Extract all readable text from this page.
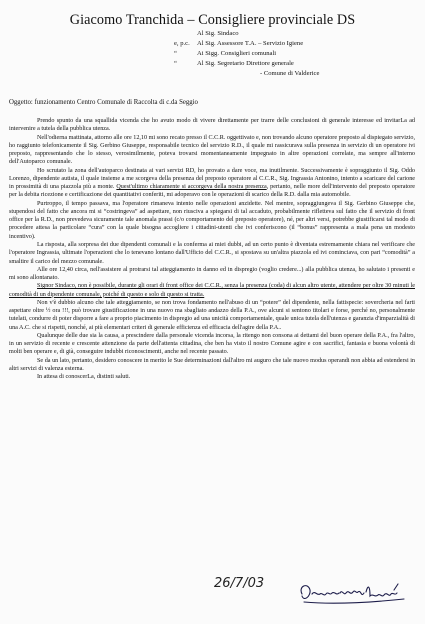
Giacomo Tranchida – Consigliere provinciale DS
Al Sig. Sindaco
e, p.c. Al Sig. Assessore T.A. – Servizio Igiene
“	Ai Sigg. Consiglieri comunali
“	Al Sig. Segretario Direttore generale
- Comune di Valderice
Oggetto: funzionamento Centro Comunale di Raccolta di c.da Seggio

Prendo spunto da una squallida vicenda che ho avuto modo di vivere direttamente per trarre delle conclusioni di generale interesse ed invitarLa ad intervenire a tutela della pubblica utenza.

Nell'odierna mattinata, attorno alle ore 12,10 mi sono recato presso il C.C.R. oggettivato e, non trovando alcuno operatore preposto al dispiegato servizio, ho raggiunto telefonicamente il Sig. Gerbino Giuseppe, responsabile tecnico del servizio R.D., il quale mi rassicurava sulla presenza in servizio di un operatore ivi preposto, rappresentando che lo stesso, verosimilmente, poteva trovarsi momentaneamente impegnato in altre operazioni correlate, ma sempre all'interno dell'Autoparco comunale.

Ho scrutato la zona dell'autoparco destinata ai vari servizi RD, ho provato a dare voce, ma inutilmente. Successivamente è sopraggiunto il Sig. Oddo Lorenzo, dipendente autista, il quale insieme a me scorgeva della presenza del preposto operatore al C.C.R., Sig. Ingrassia Antonino, intento a scaricare del carione in prossimità di una piazzola più a monte. Quest'ultimo chiaramente si accorgeva della nostra presenza, pertanto, nelle more dell'intervento del preposto operatore per la debita ricezione e certificazione dei quantitativi conferiti, mi adoperavo con le operazioni di scarico della R.D. dalla mia automobile.

Purtroppo, il tempo passava, ma l'operatore rimaneva intento nelle operazioni anzidette. Nel mentre, sopraggiungeva il Sig. Gerbino Giuseppe che, stupendosi del fatto che ancora mi si “costringeva” ad aspettare, non riusciva a spiegarsi di tal accaduto, probabilmente riflettevа sul fatto che il servizio di front office per la R.D., non prevedeva sicuramente tale anomala prassi (c/o comportamento del preposto operatore), né, per altri versi, potrebbe giustificarsi tal modo di procedere attesa la particolare “cura” con la quale bisogna accogliere i cittadini-utenti che ivi conferiscono (il “bonus” rappresenta a mala pena un modesto incentivo).

La risposta, alla sorpresa dei due dipendenti comunali e la conferma ai miei dubbi, ad un certo punto è diventata estremamente chiara nel verificare che l'operatore Ingrassia, ultimate l'operazioni che lo tenevano lontano dall'Ufficio del C.C.R., si spostava su un'altra piazzola ed ivi cominciava, con pari “comodità” a smaltire il carico del mezzo comunale.

Alle ore 12,40 circa, nell'assistere al protrarsi tal atteggiamento in danno ed in dispregio (voglio credere...) alla pubblica utenza, ho salutato i presenti e mi sono allontanato.

Signor Sindaco, non è possibile, durante gli orari di front office dei C.C.R., senza la presenza (coda) di alcun altro utente, attendere per oltre 30 minuti le comodità di un dipendente comunale, poiché di questo e solo di questo si tratta.

Non v'è dubbio alcuno che tale atteggiamento, se non trova fondamento nell'abuso di un “potere” del dipendente, nella fattispecie: sovercheria nel farti aspettare oltre ½ ora !!!, può trovare giustificazione in una nuovo ma sbagliato andazzo della P.A., ove alcuni si sentono titolari e forse, perché no, personalmente tutelati, condurre di poter disporre a fare a proprio piacimento in dispregio ad una unicità comportamentale, quale unica tutela dell'utenza e garanzia d'imparzialità di una A.C. che si rispetti, nonché, ai più elementari criteri di generale efficienza ed efficacia dell'agire della P.A..

Qualunque delle due sia la causa, a prescindere dalla personale vicenda incorsa, la ritengo non consona ai dettami del buon operare della P.A., fra l'altro, in un servizio di recente e crescente attenzione da parte dell'attenta cittadina, che ben ha visto il nostro Comune agire e con sacrifici, fantasia e buona volontà di molti ben operare e, di già, conseguire indubbi riconoscimenti, anche nel recente passato.

Se da un lato, pertanto, desidero conoscere in merito le Sue determinazioni dall'altro mi auguro che tale nuovo modus operandi non abbia ad estendersi in altri servizi di valenza esterna.

In attesa di conoscerLa, distinti saluti.

26/7/03
